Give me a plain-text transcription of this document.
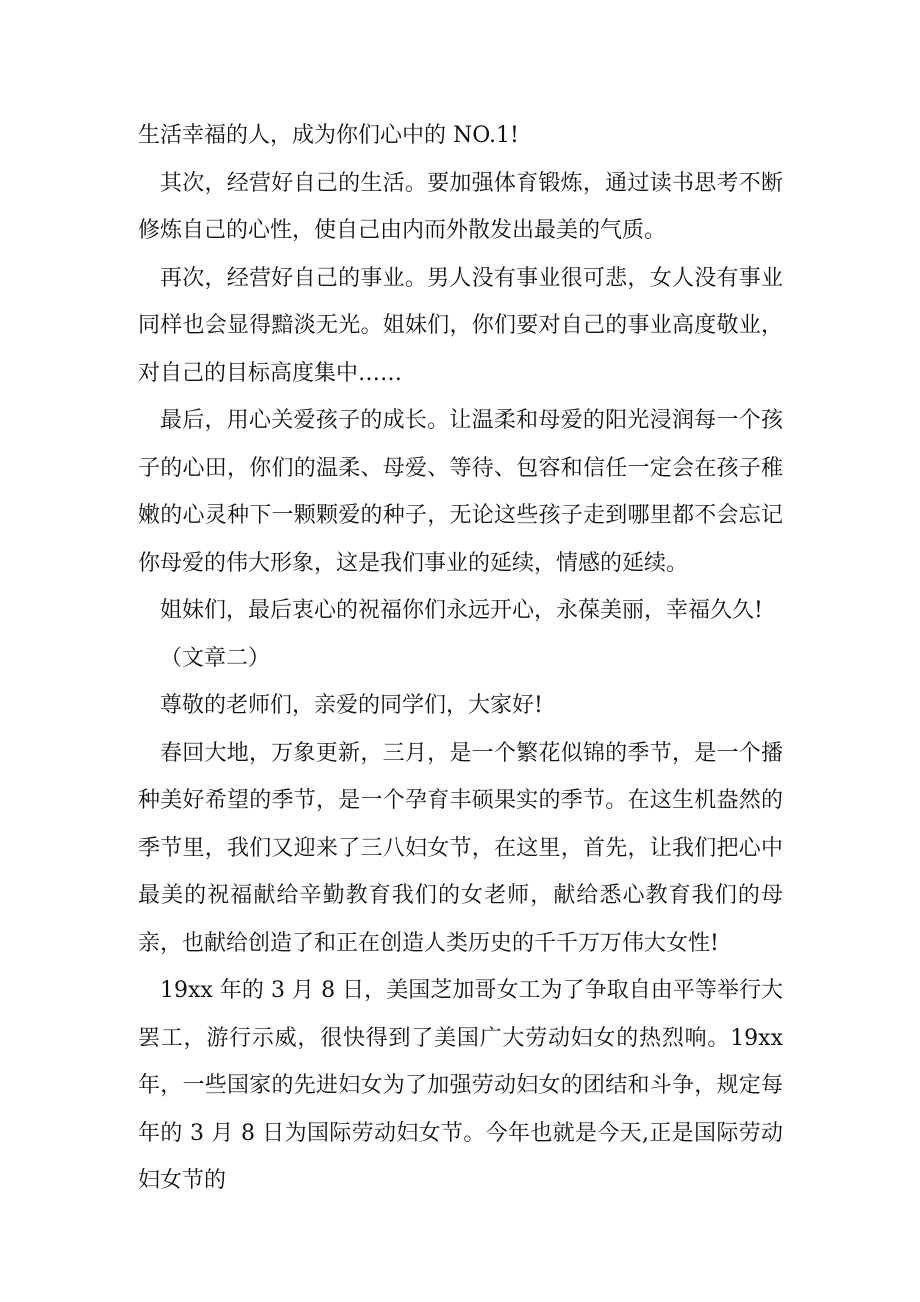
生活幸福的人，成为你们心中的 NO.1!

其次，经营好自己的生活。要加强体育锻炼，通过读书思考不断修炼自己的心性，使自己由内而外散发出最美的气质。

再次，经营好自己的事业。男人没有事业很可悲，女人没有事业同样也会显得黯淡无光。姐妹们，你们要对自己的事业高度敬业，对自己的目标高度集中……

最后，用心关爱孩子的成长。让温柔和母爱的阳光浸润每一个孩子的心田，你们的温柔、母爱、等待、包容和信任一定会在孩子稚嫩的心灵种下一颗颗爱的种子，无论这些孩子走到哪里都不会忘记你母爱的伟大形象，这是我们事业的延续，情感的延续。

姐妹们，最后衷心的祝福你们永远开心，永葆美丽，幸福久久!

（文章二）

尊敬的老师们，亲爱的同学们，大家好!

春回大地，万象更新，三月，是一个繁花似锦的季节，是一个播种美好希望的季节，是一个孕育丰硕果实的季节。在这生机盎然的季节里，我们又迎来了三八妇女节，在这里，首先，让我们把心中最美的祝福献给辛勤教育我们的女老师，献给悉心教育我们的母亲，也献给创造了和正在创造人类历史的千千万万伟大女性!

19xx 年的 3 月 8 日，美国芝加哥女工为了争取自由平等举行大罢工，游行示威，很快得到了美国广大劳动妇女的热烈响。19xx 年，一些国家的先进妇女为了加强劳动妇女的团结和斗争，规定每年的 3 月 8 日为国际劳动妇女节。今年也就是今天,正是国际劳动妇女节的
